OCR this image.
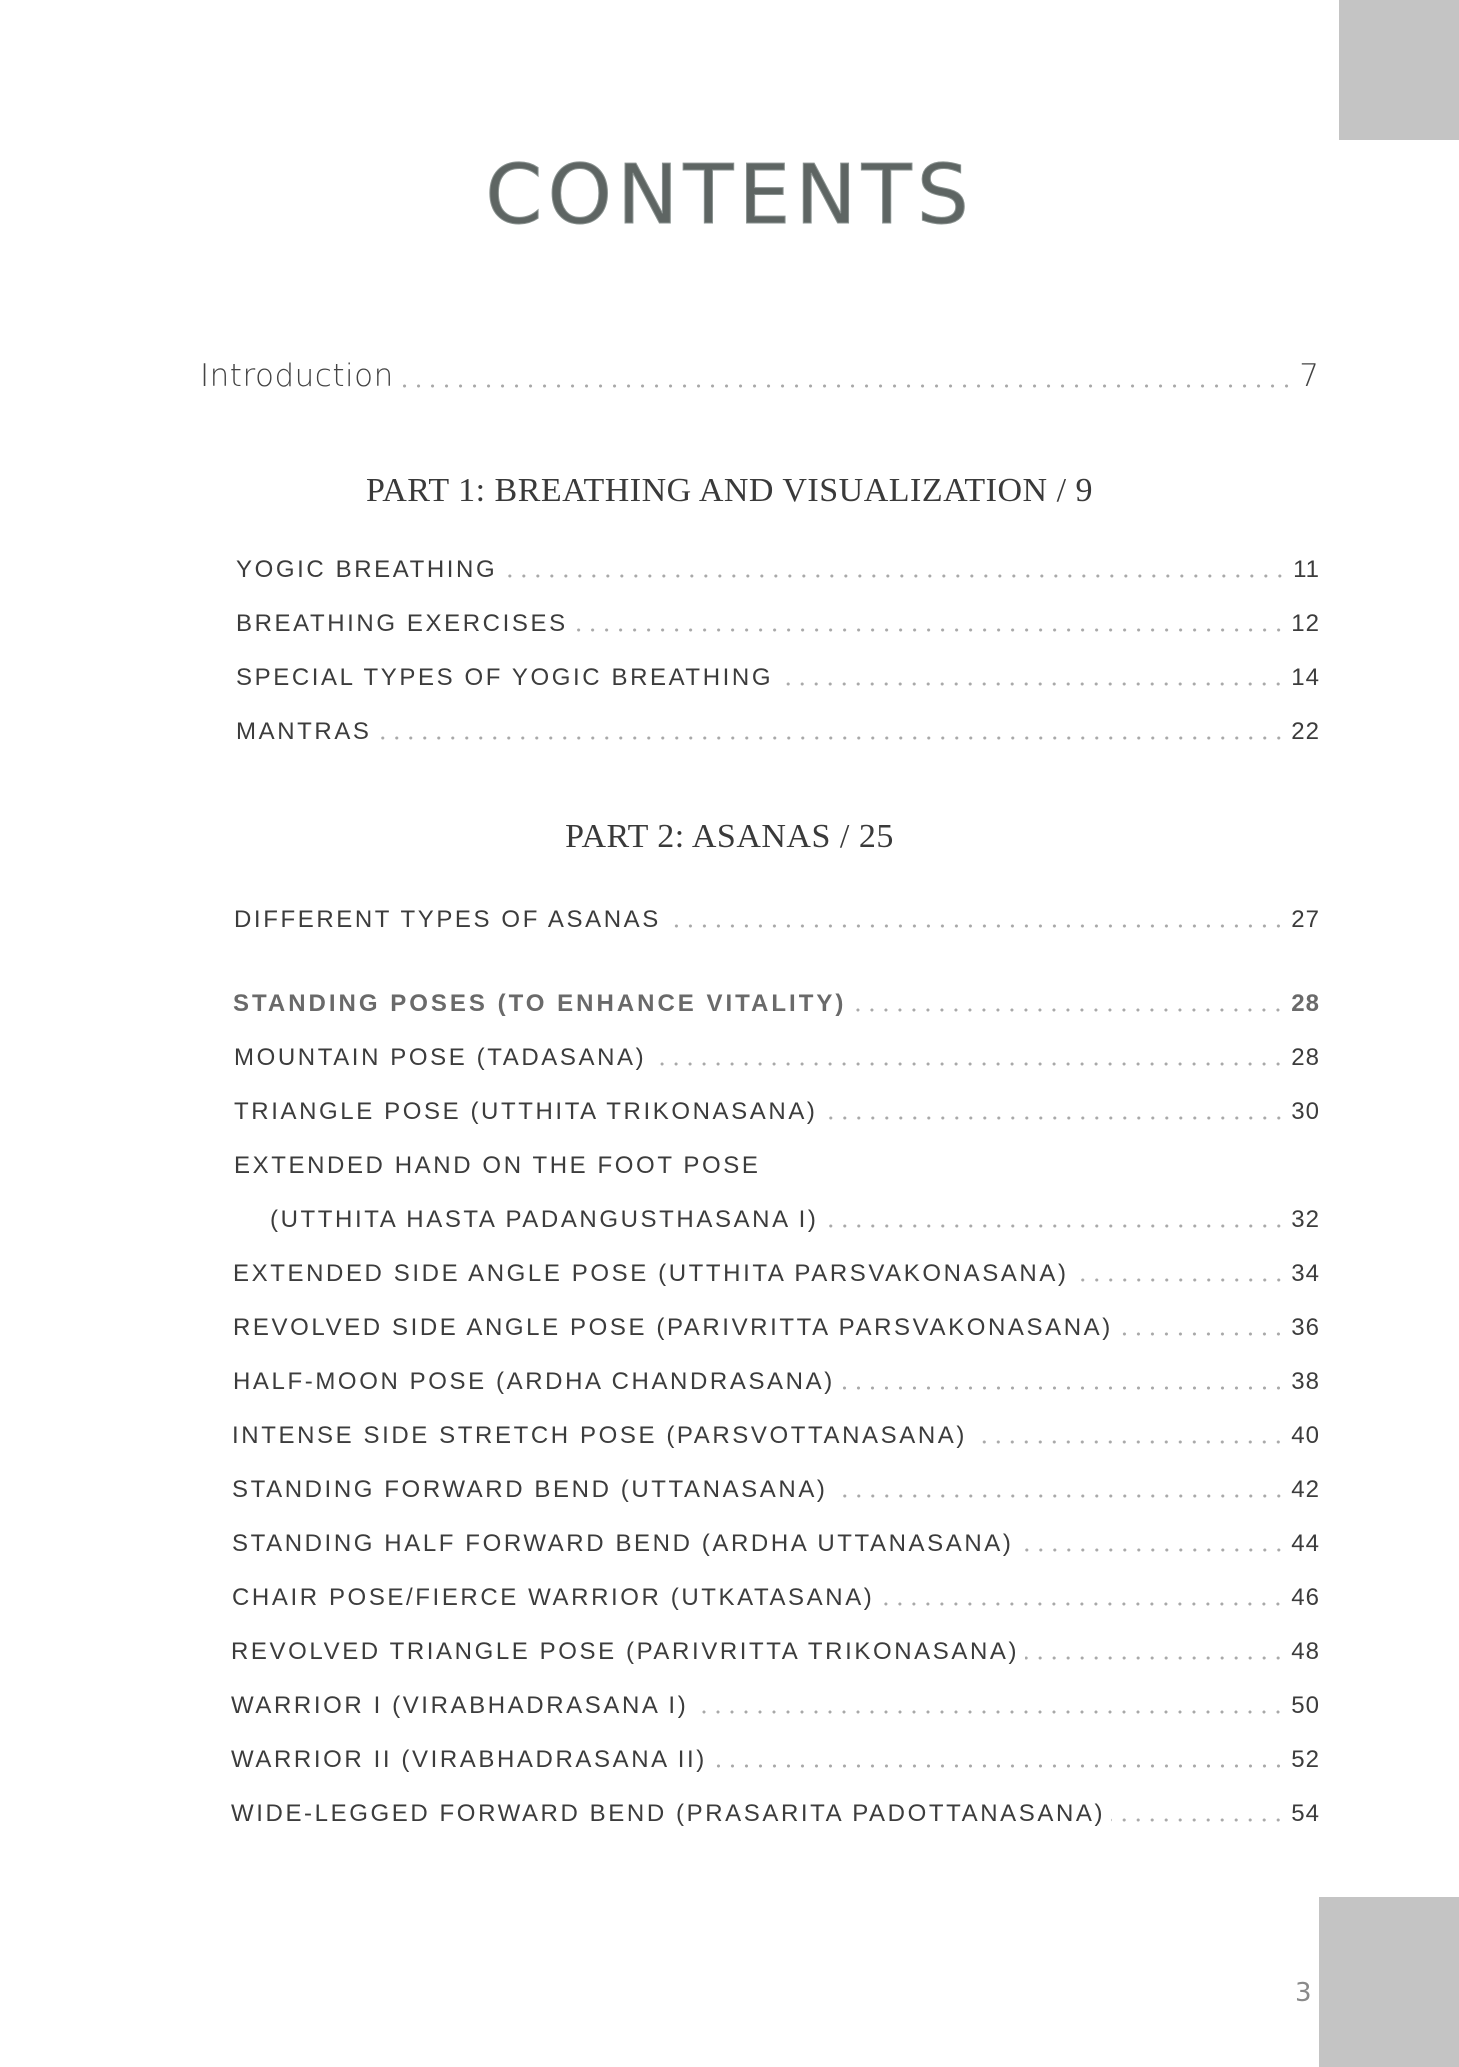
CONTENTS
Introduction	7
PART 1: BREATHING AND VISUALIZATION / 9
YOGIC BREATHING	11
BREATHING EXERCISES	12
SPECIAL TYPES OF YOGIC BREATHING	14
MANTRAS	22
PART 2: ASANAS / 25
DIFFERENT TYPES OF ASANAS	27
STANDING POSES (TO ENHANCE VITALITY)	28
MOUNTAIN POSE (TADASANA)	28
TRIANGLE POSE (UTTHITA TRIKONASANA)	30
EXTENDED HAND ON THE FOOT POSE
(UTTHITA HASTA PADANGUSTHASANA I)	32
EXTENDED SIDE ANGLE POSE (UTTHITA PARSVAKONASANA)	34
REVOLVED SIDE ANGLE POSE (PARIVRITTA PARSVAKONASANA)	36
HALF-MOON POSE (ARDHA CHANDRASANA)	38
INTENSE SIDE STRETCH POSE (PARSVOTTANASANA)	40
STANDING FORWARD BEND (UTTANASANA)	42
STANDING HALF FORWARD BEND (ARDHA UTTANASANA)	44
CHAIR POSE/FIERCE WARRIOR (UTKATASANA)	46
REVOLVED TRIANGLE POSE (PARIVRITTA TRIKONASANA)	48
WARRIOR I (VIRABHADRASANA I)	50
WARRIOR II (VIRABHADRASANA II)	52
WIDE-LEGGED FORWARD BEND (PRASARITA PADOTTANASANA)	54
3
